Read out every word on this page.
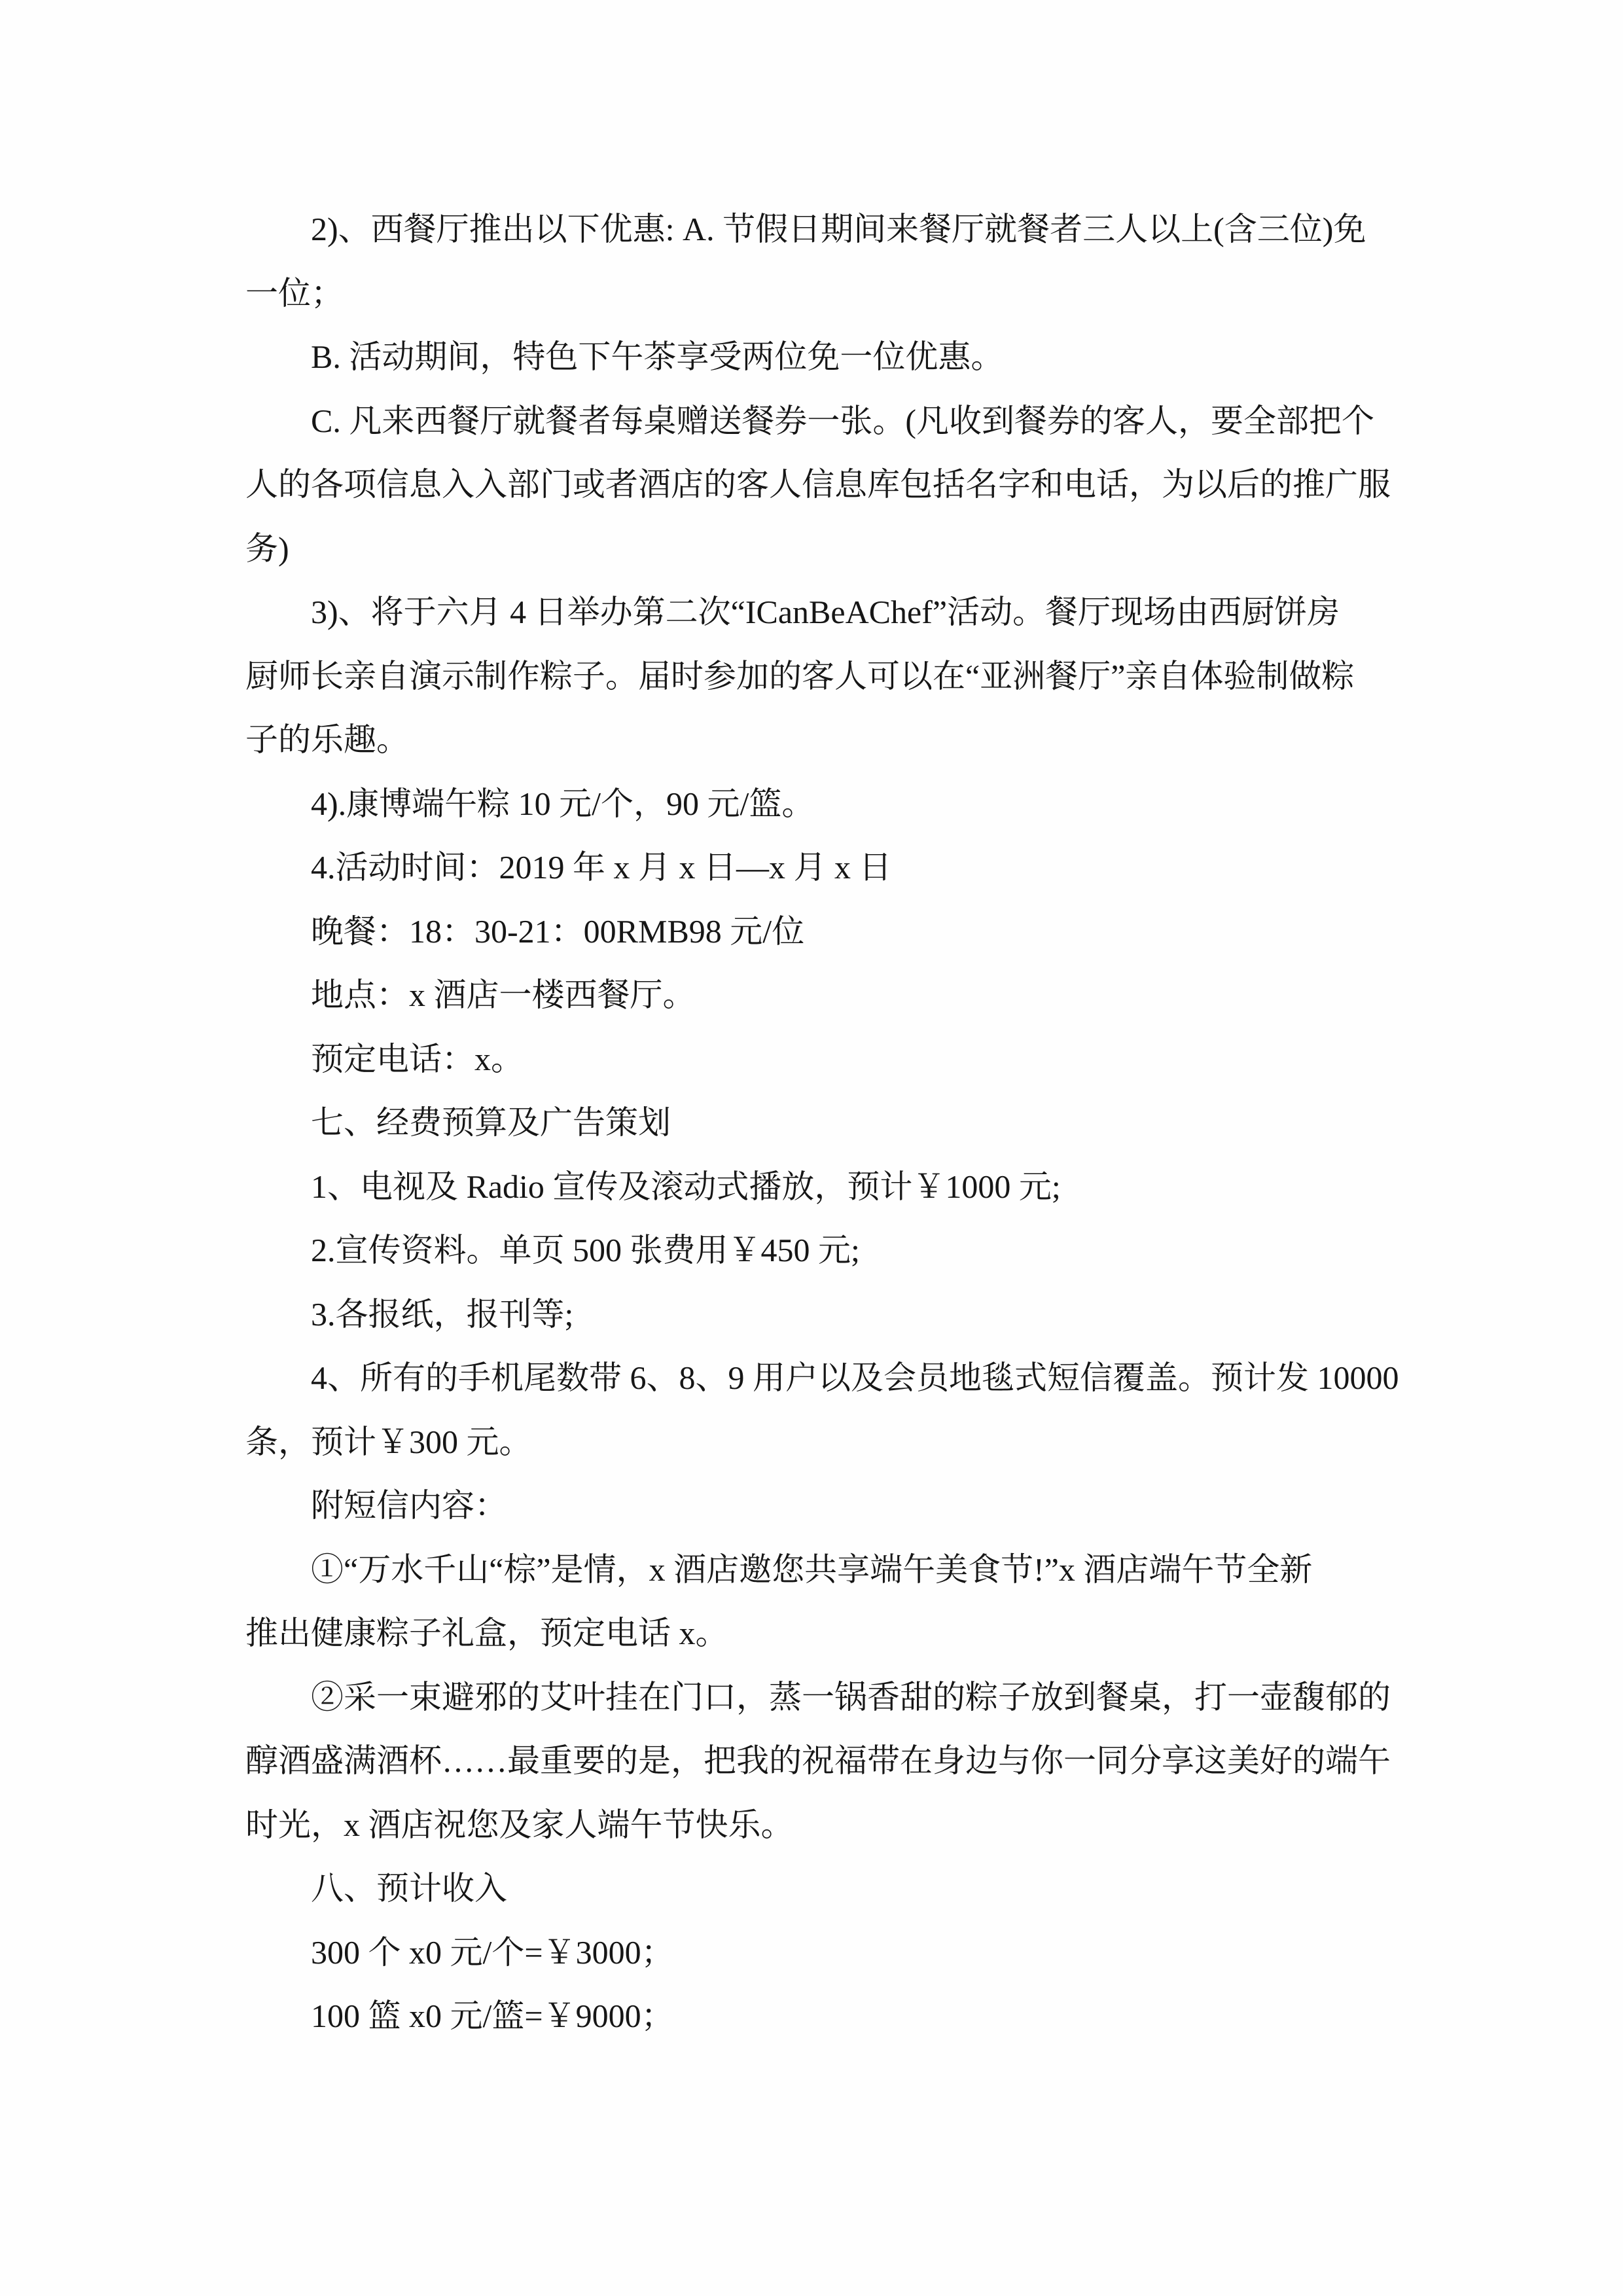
2)、西餐厅推出以下优惠: A. 节假日期间来餐厅就餐者三人以上(含三位)免
一位；
B. 活动期间，特色下午茶享受两位免一位优惠。
C. 凡来西餐厅就餐者每桌赠送餐券一张。(凡收到餐券的客人，要全部把个
人的各项信息入入部门或者酒店的客人信息库包括名字和电话，为以后的推广服
务)
3)、将于六月 4 日举办第二次“ICanBeAChef”活动。餐厅现场由西厨饼房
厨师长亲自演示制作粽子。届时参加的客人可以在“亚洲餐厅”亲自体验制做粽
子的乐趣。
4).康博端午粽 10 元/个，90 元/篮。
4.活动时间：2019 年 x 月 x 日—x 月 x 日
晚餐：18：30-21：00RMB98 元/位
地点：x 酒店一楼西餐厅。
预定电话：x。
七、经费预算及广告策划
1、电视及 Radio 宣传及滚动式播放，预计￥1000 元;
2.宣传资料。单页 500 张费用￥450 元;
3.各报纸，报刊等;
4、所有的手机尾数带 6、8、9 用户以及会员地毯式短信覆盖。预计发 10000
条，预计￥300 元。
附短信内容：
①“万水千山“棕”是情，x 酒店邀您共享端午美食节!”x 酒店端午节全新
推出健康粽子礼盒，预定电话 x。
②采一束避邪的艾叶挂在门口，蒸一锅香甜的粽子放到餐桌，打一壶馥郁的
醇酒盛满酒杯……最重要的是，把我的祝福带在身边与你一同分享这美好的端午
时光，x 酒店祝您及家人端午节快乐。
八、预计收入
300 个 x0 元/个=￥3000；
100 篮 x0 元/篮=￥9000；
